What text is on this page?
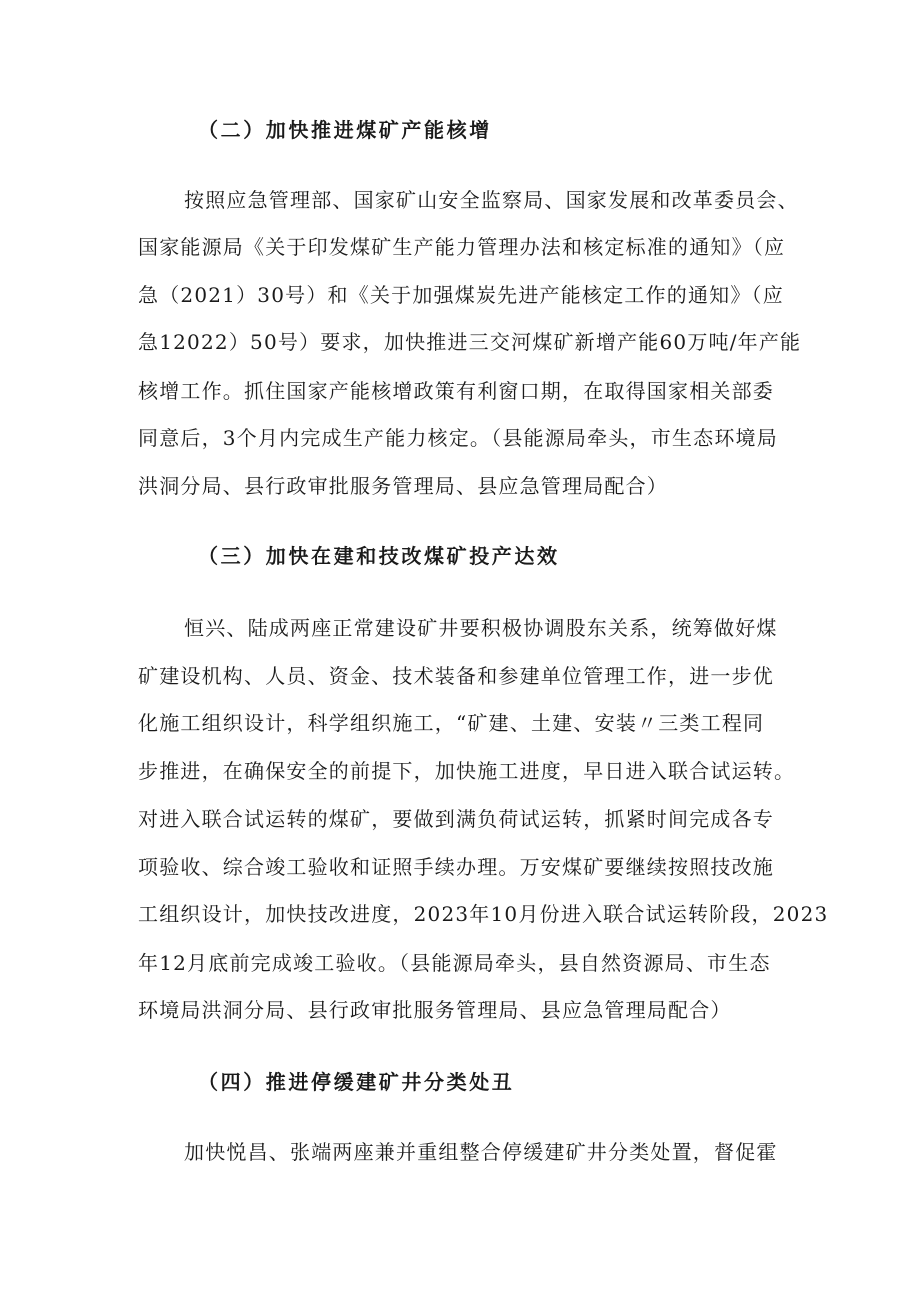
（二）加快推进煤矿产能核增

按照应急管理部、国家矿山安全监察局、国家发展和改革委员会、

国家能源局《关于印发煤矿生产能力管理办法和核定标准的通知》（应

急（2021）30号）和《关于加强煤炭先进产能核定工作的通知》（应

急12022）50号）要求，加快推进三交河煤矿新增产能60万吨/年产能

核增工作。抓住国家产能核增政策有利窗口期，在取得国家相关部委

同意后，3个月内完成生产能力核定。（县能源局牵头，市生态环境局

洪洞分局、县行政审批服务管理局、县应急管理局配合）

（三）加快在建和技改煤矿投产达效

恒兴、陆成两座正常建设矿井要积极协调股东关系，统筹做好煤

矿建设机构、人员、资金、技术装备和参建单位管理工作，进一步优

化施工组织设计，科学组织施工，“矿建、土建、安装〃三类工程同

步推进，在确保安全的前提下，加快施工进度，早日进入联合试运转。

对进入联合试运转的煤矿，要做到满负荷试运转，抓紧时间完成各专

项验收、综合竣工验收和证照手续办理。万安煤矿要继续按照技改施

工组织设计，加快技改进度，2023年10月份进入联合试运转阶段，2023

年12月底前完成竣工验收。（县能源局牵头，县自然资源局、市生态

环境局洪洞分局、县行政审批服务管理局、县应急管理局配合）

（四）推进停缓建矿井分类处丑

加快悦昌、张端两座兼并重组整合停缓建矿井分类处置，督促霍
